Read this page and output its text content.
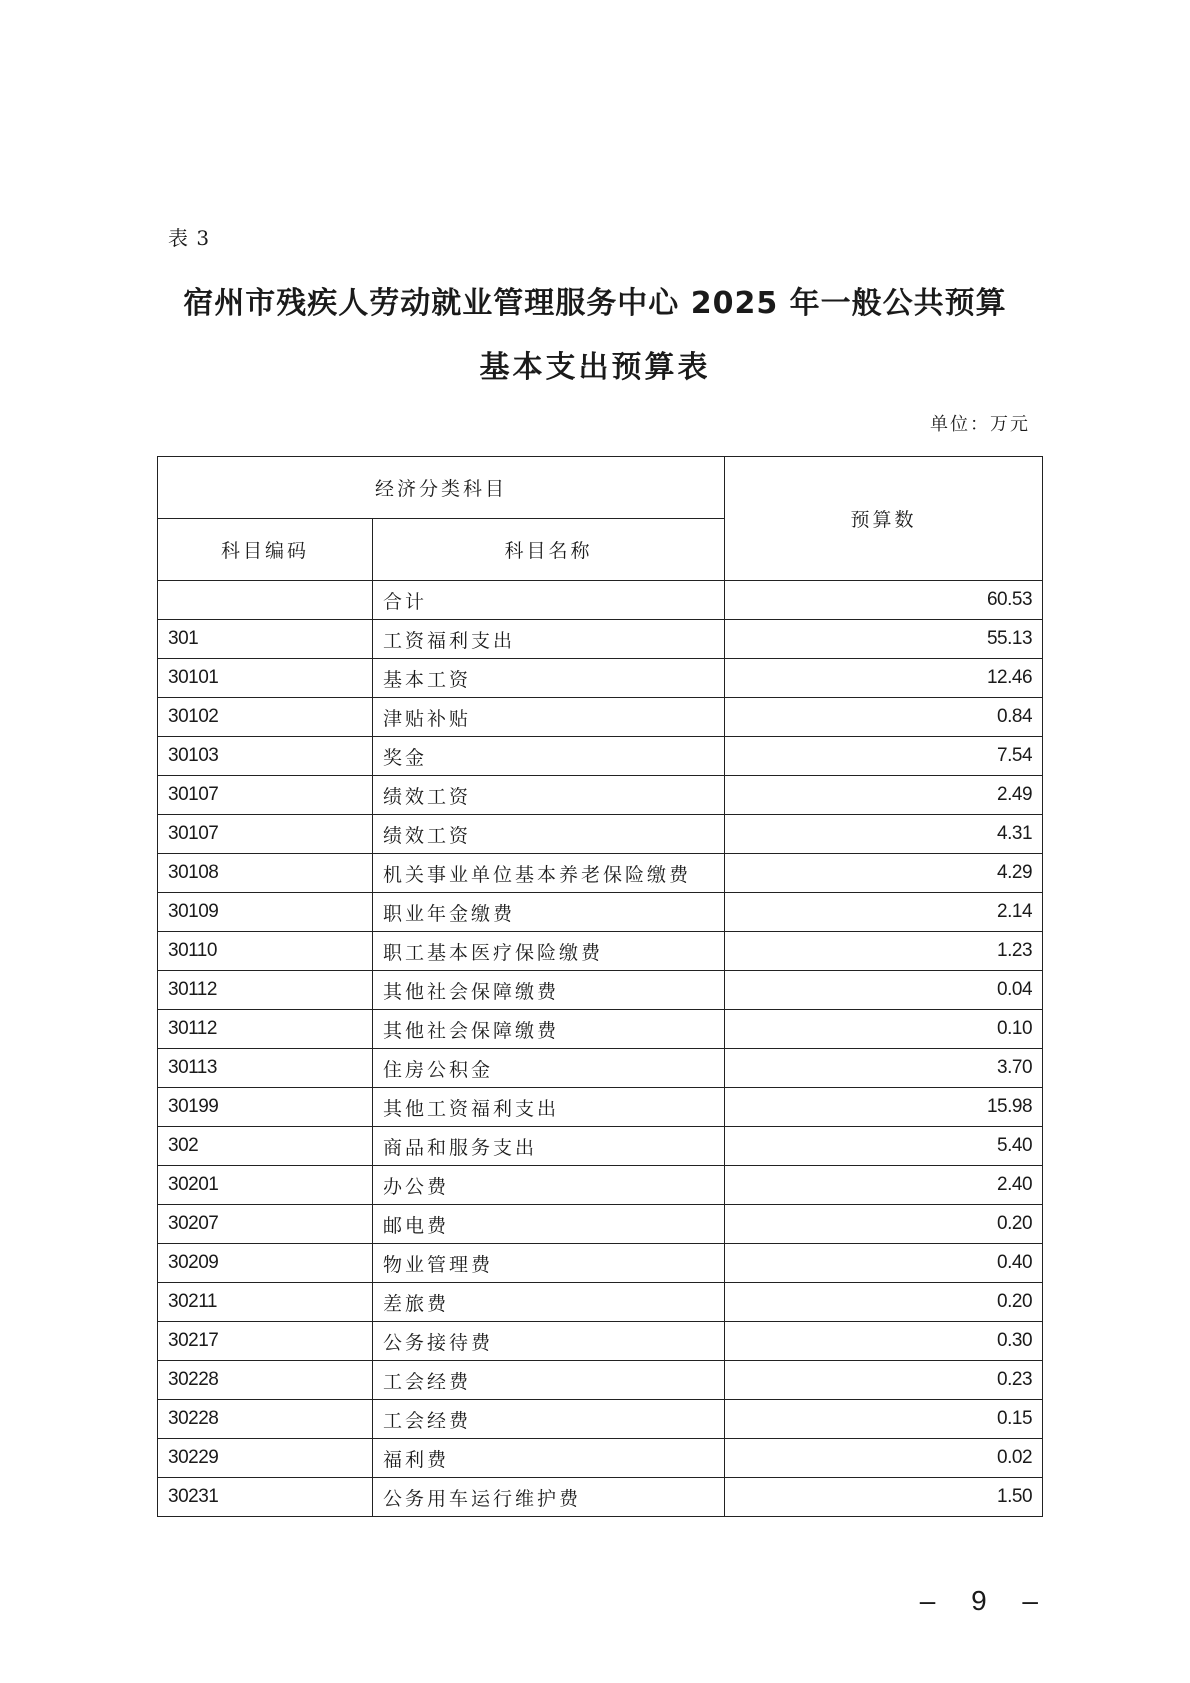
表 3
宿州市残疾人劳动就业管理服务中心 2025 年一般公共预算
基本支出预算表
单位：万元
经济分类科目		预算数
科目编码	科目名称	
	合计	60.53
301	工资福利支出	55.13
30101	基本工资	12.46
30102	津贴补贴	0.84
30103	奖金	7.54
30107	绩效工资	2.49
30107	绩效工资	4.31
30108	机关事业单位基本养老保险缴费	4.29
30109	职业年金缴费	2.14
30110	职工基本医疗保险缴费	1.23
30112	其他社会保障缴费	0.04
30112	其他社会保障缴费	0.10
30113	住房公积金	3.70
30199	其他工资福利支出	15.98
302	商品和服务支出	5.40
30201	办公费	2.40
30207	邮电费	0.20
30209	物业管理费	0.40
30211	差旅费	0.20
30217	公务接待费	0.30
30228	工会经费	0.23
30228	工会经费	0.15
30229	福利费	0.02
30231	公务用车运行维护费	1.50
– 9 –
